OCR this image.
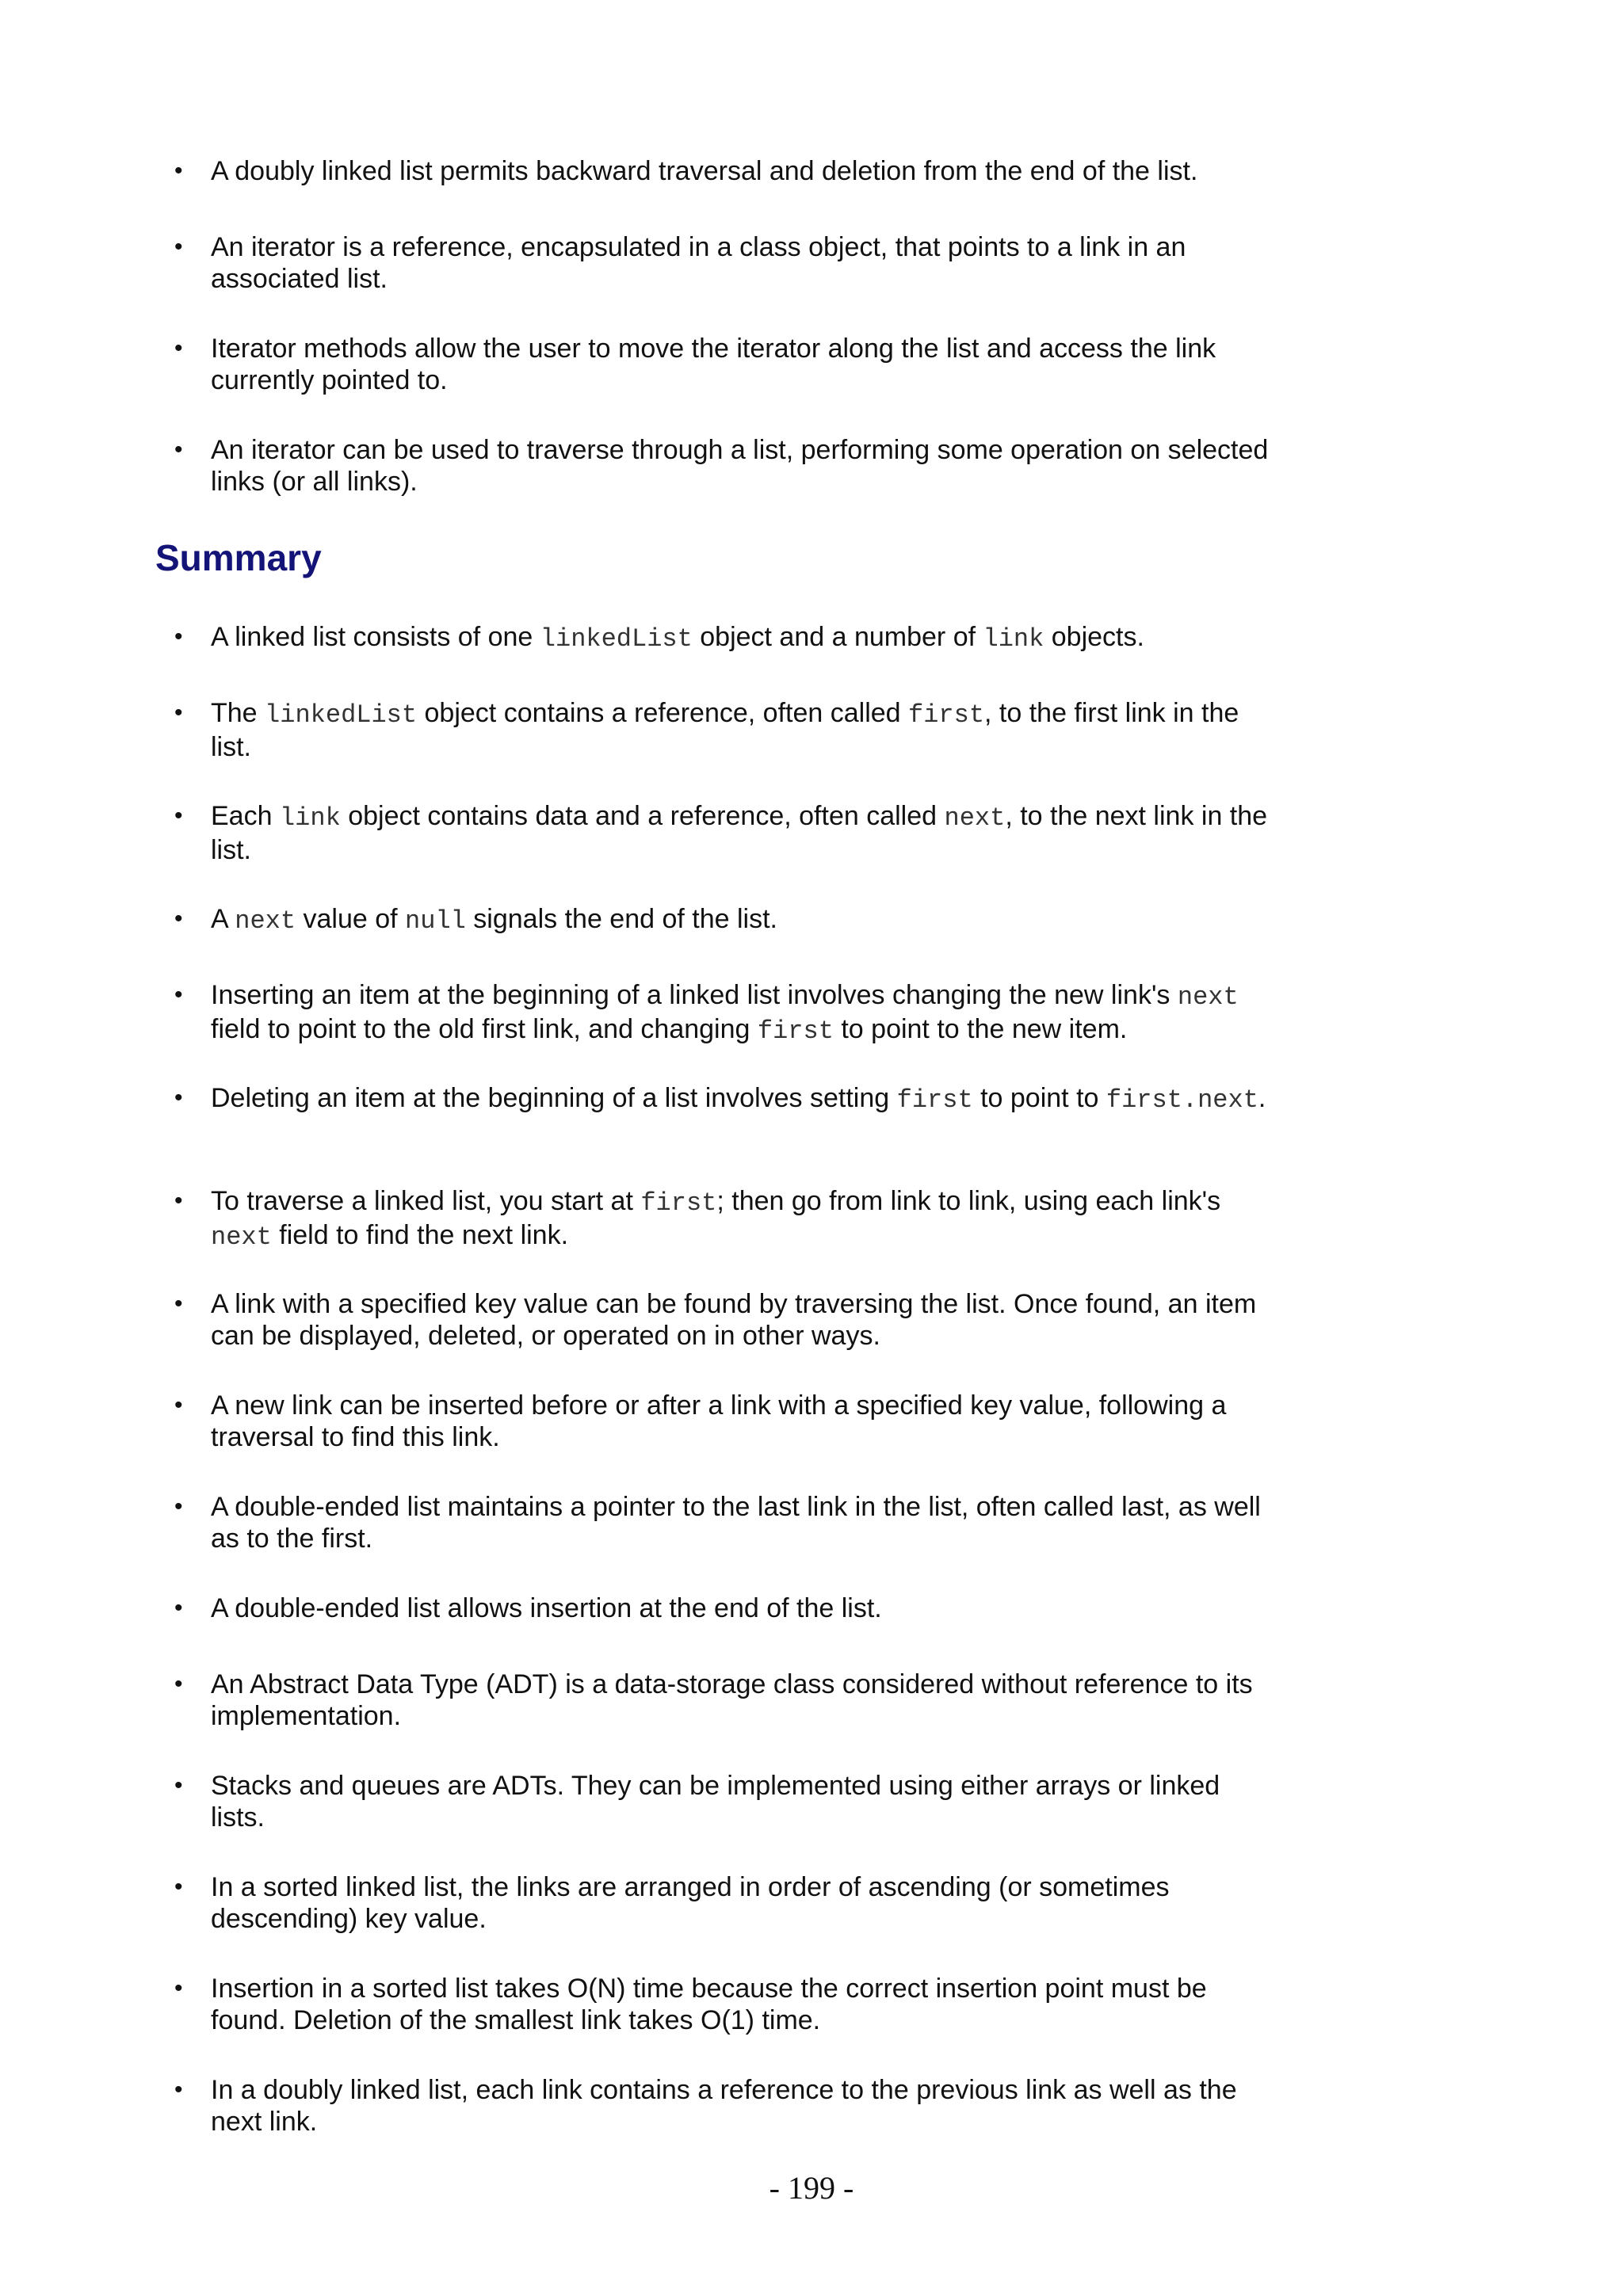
•	A doubly linked list permits backward traversal and deletion from the end of the list.
•	An iterator is a reference, encapsulated in a class object, that points to a link in an associated list.
•	Iterator methods allow the user to move the iterator along the list and access the link currently pointed to.
•	An iterator can be used to traverse through a list, performing some operation on selected links (or all links).
Summary
•	A linked list consists of one linkedList object and a number of link objects.
•	The linkedList object contains a reference, often called first, to the first link in the list.
•	Each link object contains data and a reference, often called next, to the next link in the list.
•	A next value of null signals the end of the list.
•	Inserting an item at the beginning of a linked list involves changing the new link's next field to point to the old first link, and changing first to point to the new item.
•	Deleting an item at the beginning of a list involves setting first to point to first.next.
•	To traverse a linked list, you start at first; then go from link to link, using each link's next field to find the next link.
•	A link with a specified key value can be found by traversing the list. Once found, an item can be displayed, deleted, or operated on in other ways.
•	A new link can be inserted before or after a link with a specified key value, following a traversal to find this link.
•	A double-ended list maintains a pointer to the last link in the list, often called last, as well as to the first.
•	A double-ended list allows insertion at the end of the list.
•	An Abstract Data Type (ADT) is a data-storage class considered without reference to its implementation.
•	Stacks and queues are ADTs. They can be implemented using either arrays or linked lists.
•	In a sorted linked list, the links are arranged in order of ascending (or sometimes descending) key value.
•	Insertion in a sorted list takes O(N) time because the correct insertion point must be found. Deletion of the smallest link takes O(1) time.
•	In a doubly linked list, each link contains a reference to the previous link as well as the next link.
- 199 -
